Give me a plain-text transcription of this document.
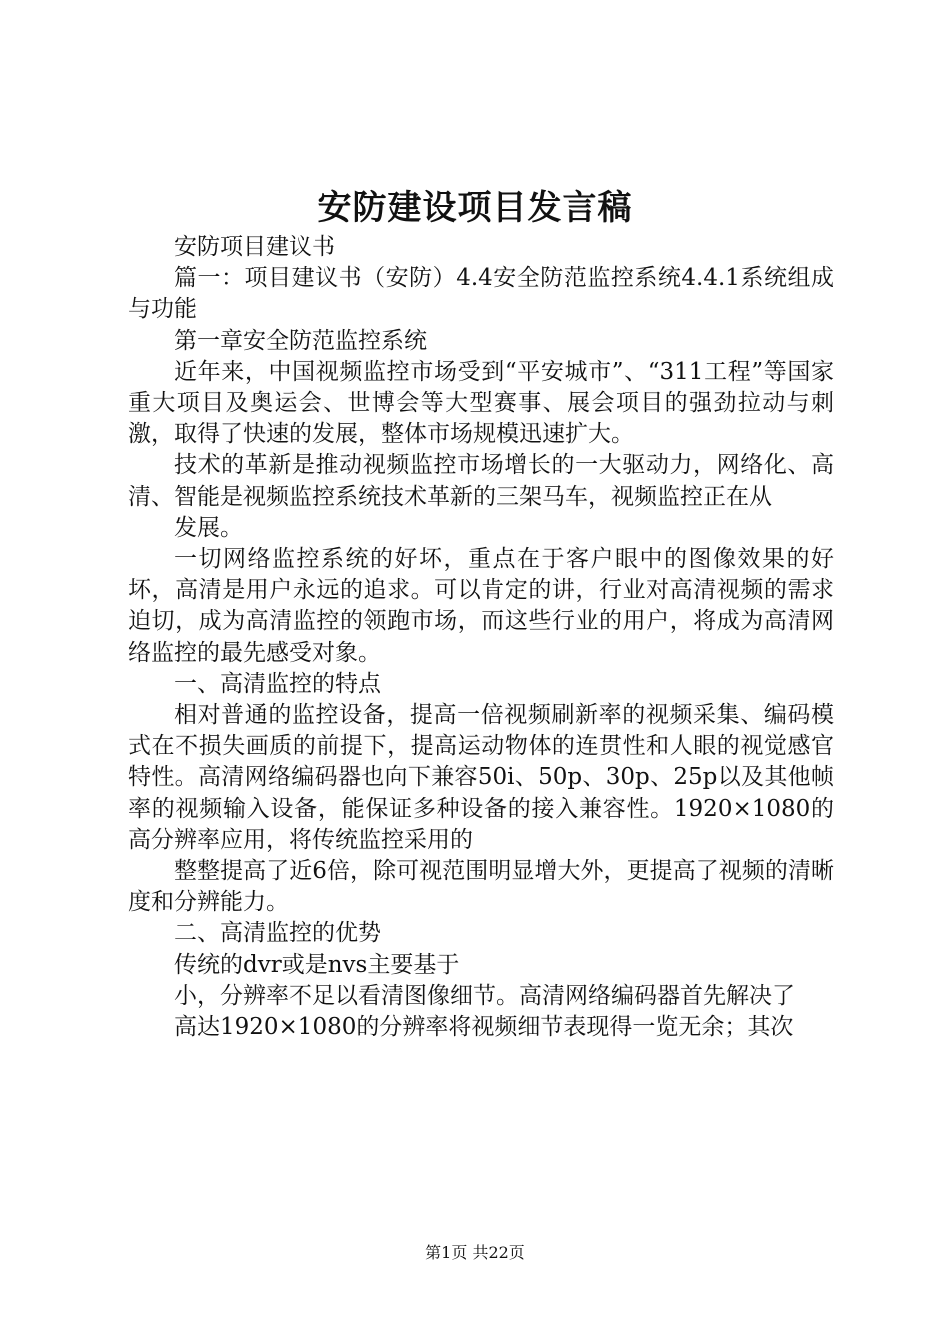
安防建设项目发言稿

安防项目建议书

篇一：项目建议书（安防）4.4安全防范监控系统4.4.1系统组成与功能

第一章安全防范监控系统

近年来，中国视频监控市场受到“平安城市”、“311工程”等国家重大项目及奥运会、世博会等大型赛事、展会项目的强劲拉动与刺激，取得了快速的发展，整体市场规模迅速扩大。

技术的革新是推动视频监控市场增长的一大驱动力，网络化、高清、智能是视频监控系统技术革新的三架马车，视频监控正在从

发展。

一切网络监控系统的好坏，重点在于客户眼中的图像效果的好坏，高清是用户永远的追求。可以肯定的讲，行业对高清视频的需求迫切，成为高清监控的领跑市场，而这些行业的用户，将成为高清网络监控的最先感受对象。

一、高清监控的特点

相对普通的监控设备，提高一倍视频刷新率的视频采集、编码模式在不损失画质的前提下，提高运动物体的连贯性和人眼的视觉感官特性。高清网络编码器也向下兼容50i、50p、30p、25p以及其他帧率的视频输入设备，能保证多种设备的接入兼容性。1920×1080的高分辨率应用，将传统监控采用的

整整提高了近6倍，除可视范围明显增大外，更提高了视频的清晰度和分辨能力。

二、高清监控的优势

传统的dvr或是nvs主要基于

小，分辨率不足以看清图像细节。高清网络编码器首先解决了

高达1920×1080的分辨率将视频细节表现得一览无余；其次

第1页 共22页
